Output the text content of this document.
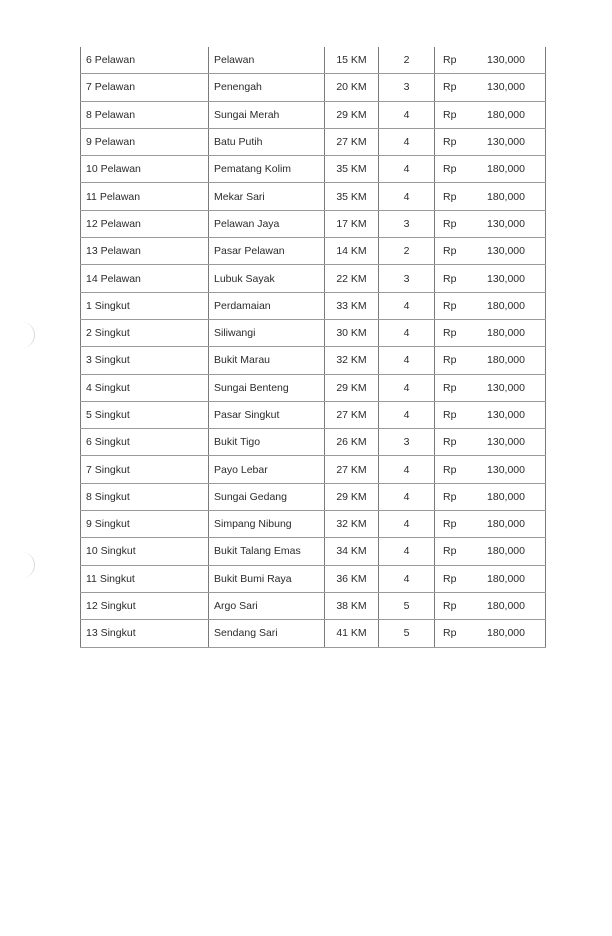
6 Pelawan	Pelawan	15 KM	2	Rp 130,000

7 Pelawan	Penengah	20 KM	3	Rp 130,000

8 Pelawan	Sungai Merah	29 KM	4	Rp 180,000

9 Pelawan	Batu Putih	27 KM	4	Rp 130,000

10 Pelawan	Pematang Kolim	35 KM	4	Rp 180,000

11 Pelawan	Mekar Sari	35 KM	4	Rp 180,000

12 Pelawan	Pelawan Jaya	17 KM	3	Rp 130,000

13 Pelawan	Pasar Pelawan	14 KM	2	Rp 130,000

14 Pelawan	Lubuk Sayak	22 KM	3	Rp 130,000

1 Singkut	Perdamaian	33 KM	4	Rp 180,000

2 Singkut	Siliwangi	30 KM	4	Rp 180,000

3 Singkut	Bukit Marau	32 KM	4	Rp 180,000

4 Singkut	Sungai Benteng	29 KM	4	Rp 130,000

5 Singkut	Pasar Singkut	27 KM	4	Rp 130,000

6 Singkut	Bukit Tigo	26 KM	3	Rp 130,000

7 Singkut	Payo Lebar	27 KM	4	Rp 130,000

8 Singkut	Sungai Gedang	29 KM	4	Rp 180,000

9 Singkut	Simpang Nibung	32 KM	4	Rp 180,000

10 Singkut	Bukit Talang Emas	34 KM	4	Rp 180,000

11 Singkut	Bukit Bumi Raya	36 KM	4	Rp 180,000

12 Singkut	Argo Sari	38 KM	5	Rp 180,000

13 Singkut	Sendang Sari	41 KM	5	Rp 180,000
